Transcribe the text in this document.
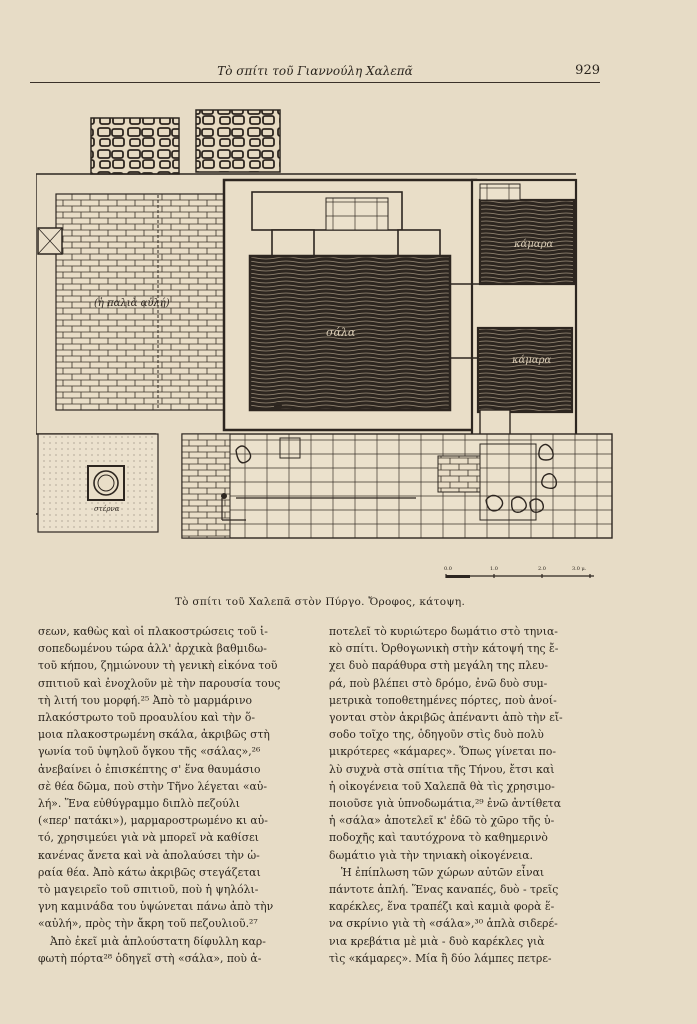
Τὸ σπίτι τοῦ Γιαννούλη Χαλεπᾶ	929
(ἡ παλιὰ αὐλή)
σάλα
κάμαρα
κάμαρα
στέρνα
0.0	1.0	2.0	3.0 μ.
Τὸ σπίτι τοῦ Χαλεπᾶ στὸν Πύργο. Ὄροφος, κάτοψη.

σεων, καθὼς καὶ οἱ πλακοστρώσεις τοῦ ἰ-
σοπεδωμένου τώρα ἀλλ' ἀρχικὰ βαθμιδω-
τοῦ κήπου, ζημιώνουν τὴ γενικὴ εἰκόνα τοῦ
σπιτιοῦ καὶ ἐνοχλοῦν μὲ τὴν παρουσία τους
τὴ λιτή του μορφή.²⁵ Ἀπὸ τὸ μαρμάρινο
πλακόστρωτο τοῦ προαυλίου καὶ τὴν ὅ-
μοια πλακοστρωμένη σκάλα, ἀκριβῶς στὴ
γωνία τοῦ ὑψηλοῦ ὄγκου τῆς «σάλας»,²⁶
ἀνεβαίνει ὁ ἐπισκέπτης σ' ἕνα θαυμάσιο
σὲ θέα δῶμα, ποὺ στὴν Τῆνο λέγεται «αὐ-
λή». Ἕνα εὐθύγραμμο διπλὸ πεζούλι
(«περ' πατάκι»), μαρμαροστρωμένο κι αὐ-
τό, χρησιμεύει γιὰ νὰ μπορεῖ νὰ καθίσει
κανένας ἄνετα καὶ νὰ ἀπολαύσει τὴν ὡ-
ραία θέα. Ἀπὸ κάτω ἀκριβῶς στεγάζεται
τὸ μαγειρεῖο τοῦ σπιτιοῦ, ποὺ ἡ ψηλόλι-
γνη καμινάδα του ὑψώνεται πάνω ἀπὸ τὴν
«αὐλή», πρὸς τὴν ἄκρη τοῦ πεζουλιοῦ.²⁷
Ἀπὸ ἐκεῖ μιὰ ἁπλούστατη δίφυλλη καρ-
φωτὴ πόρτα²⁸ ὁδηγεῖ στὴ «σάλα», ποὺ ἀ-

ποτελεῖ τὸ κυριώτερο δωμάτιο στὸ τηνια-
κὸ σπίτι. Ὀρθογωνικὴ στὴν κάτοψή της ἔ-
χει δυὸ παράθυρα στὴ μεγάλη της πλευ-
ρά, ποὺ βλέπει στὸ δρόμο, ἐνῶ δυὸ συμ-
μετρικὰ τοποθετημένες πόρτες, ποὺ ἀνοί-
γονται στὸν ἀκριβῶς ἀπέναντι ἀπὸ τὴν εἴ-
σοδο τοῖχο της, ὁδηγοῦν στὶς δυὸ πολὺ
μικρότερες «κάμαρες». Ὅπως γίνεται πο-
λὺ συχνὰ στὰ σπίτια τῆς Τήνου, ἔτσι καὶ
ἡ οἰκογένεια τοῦ Χαλεπᾶ θὰ τὶς χρησιμο-
ποιοῦσε γιὰ ὑπνοδωμάτια,²⁹ ἐνῶ ἀντίθετα
ἡ «σάλα» ἀποτελεῖ κ' ἐδῶ τὸ χῶρο τῆς ὑ-
ποδοχῆς καὶ ταυτόχρονα τὸ καθημερινὸ
δωμάτιο γιὰ τὴν τηνιακὴ οἰκογένεια.
Ἡ ἐπίπλωση τῶν χώρων αὐτῶν εἶναι
πάντοτε ἁπλή. Ἕνας καναπές, δυὸ - τρεῖς
καρέκλες, ἕνα τραπέζι καὶ καμιὰ φορὰ ἕ-
να σκρίνιο γιὰ τὴ «σάλα»,³⁰ ἁπλὰ σιδερέ-
νια κρεβάτια μὲ μιὰ - δυὸ καρέκλες γιὰ
τὶς «κάμαρες». Μία ἢ δύο λάμπες πετρε-
